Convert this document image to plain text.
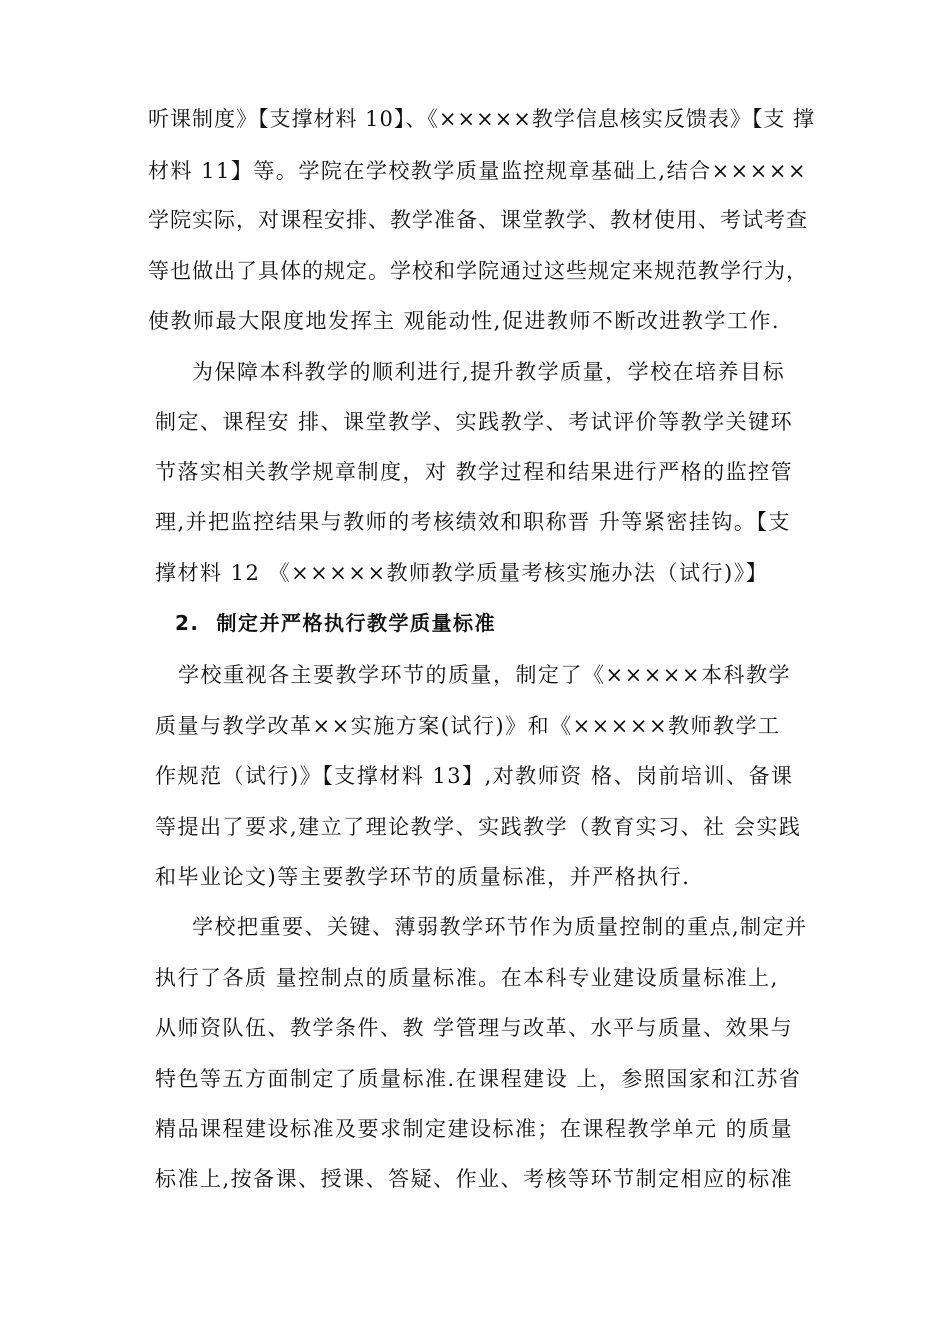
听课制度》【支撑材料 10】、《×××××教学信息核实反馈表》【支 撑
材料 11】等。学院在学校教学质量监控规章基础上,结合×××××
学院实际，对课程安排、教学准备、课堂教学、教材使用、考试考查
等也做出了具体的规定。学校和学院通过这些规定来规范教学行为，
使教师最大限度地发挥主 观能动性,促进教师不断改进教学工作.
为保障本科教学的顺利进行,提升教学质量，学校在培养目标
制定、课程安 排、课堂教学、实践教学、考试评价等教学关键环
节落实相关教学规章制度，对 教学过程和结果进行严格的监控管
理,并把监控结果与教师的考核绩效和职称晋 升等紧密挂钩。【支
撑材料 12 《×××××教师教学质量考核实施办法（试行)》】
2.  制定并严格执行教学质量标准
学校重视各主要教学环节的质量，制定了《×××××本科教学
质量与教学改革××实施方案(试行)》和《×××××教师教学工
作规范（试行)》【支撑材料 13】,对教师资 格、岗前培训、备课
等提出了要求,建立了理论教学、实践教学（教育实习、社 会实践
和毕业论文)等主要教学环节的质量标准，并严格执行.
学校把重要、关键、薄弱教学环节作为质量控制的重点,制定并
执行了各质 量控制点的质量标准。在本科专业建设质量标准上,
从师资队伍、教学条件、教 学管理与改革、水平与质量、效果与
特色等五方面制定了质量标准.在课程建设 上，参照国家和江苏省
精品课程建设标准及要求制定建设标准；在课程教学单元 的质量
标准上,按备课、授课、答疑、作业、考核等环节制定相应的标准
